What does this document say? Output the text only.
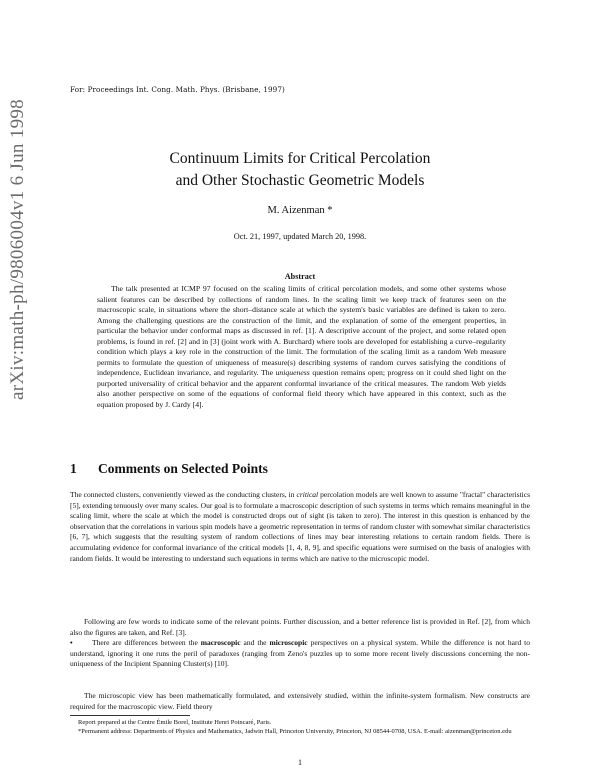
For: Proceedings Int. Cong. Math. Phys. (Brisbane, 1997)
arXiv:math-ph/9806004v1 6 Jun 1998	Continuum Limits for Critical Percolation
and Other Stochastic Geometric Models
M. Aizenman *
Oct. 21, 1997, updated March 20, 1998.
Abstract
The talk presented at ICMP 97 focused on the scaling limits of critical percolation models, and some other systems whose salient features can be described by collections of random lines. In the scaling limit we keep track of features seen on the macroscopic scale, in situations where the short–distance scale at which the system's basic variables are defined is taken to zero. Among the challenging questions are the construction of the limit, and the explanation of some of the emergent properties, in particular the behavior under conformal maps as discussed in ref. [1]. A descriptive account of the project, and some related open problems, is found in ref. [2] and in [3] (joint work with A. Burchard) where tools are developed for establishing a curve–regularity condition which plays a key role in the construction of the limit. The formulation of the scaling limit as a random Web measure permits to formulate the question of uniqueness of measure(s) describing systems of random curves satisfying the conditions of independence, Euclidean invariance, and regularity. The uniqueness question remains open; progress on it could shed light on the purported universality of critical behavior and the apparent conformal invariance of the critical measures. The random Web yields also another perspective on some of the equations of conformal field theory which have appeared in this context, such as the equation proposed by J. Cardy [4].
1 Comments on Selected Points
The connected clusters, conveniently viewed as the conducting clusters, in critical percolation models are well known to assume "fractal" characteristics [5], extending tenuously over many scales. Our goal is to formulate a macroscopic description of such systems in terms which remains meaningful in the scaling limit, where the scale at which the model is constructed drops out of sight (is taken to zero). The interest in this question is enhanced by the observation that the correlations in various spin models have a geometric representation in terms of random cluster with somewhat similar characteristics [6, 7], which suggests that the resulting system of random collections of lines may bear interesting relations to certain random fields. There is accumulating evidence for conformal invariance of the critical models [1, 4, 8, 9], and specific equations were surmised on the basis of analogies with random fields. It would be interesting to understand such equations in terms which are native to the microscopic model.
Following are few words to indicate some of the relevant points. Further discussion, and a better reference list is provided in Ref. [2], from which also the figures are taken, and Ref. [3].
•	There are differences between the macroscopic and the microscopic perspectives on a physical system. While the difference is not hard to understand, ignoring it one runs the peril of paradoxes (ranging from Zeno's puzzles up to some more recent lively discussions concerning the non-uniqueness of the Incipient Spanning Cluster(s) [10].
The microscopic view has been mathematically formulated, and extensively studied, within the infinite-system formalism. New constructs are required for the macroscopic view. Field theory
Report prepared at the Centre Émile Borel, Institute Henri Poincaré, Paris.
*Permanent address: Departments of Physics and Mathematics, Jadwin Hall, Princeton University, Princeton, NJ 08544-0708, USA. E-mail: aizenman@princeton.edu
1
